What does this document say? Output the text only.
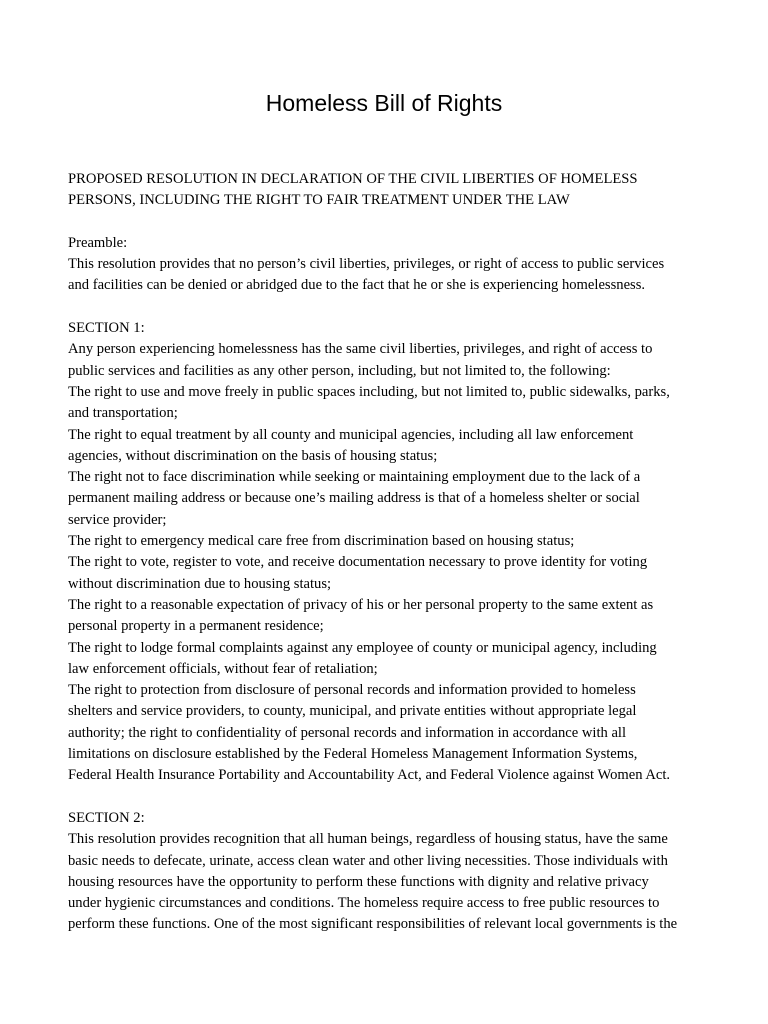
Homeless Bill of Rights
PROPOSED RESOLUTION IN DECLARATION OF THE CIVIL LIBERTIES OF HOMELESS
PERSONS, INCLUDING THE RIGHT TO FAIR TREATMENT UNDER THE LAW
Preamble:
This resolution provides that no person’s civil liberties, privileges, or right of access to public services
and facilities can be denied or abridged due to the fact that he or she is experiencing homelessness.
SECTION 1:
Any person experiencing homelessness has the same civil liberties, privileges, and right of access to
public services and facilities as any other person, including, but not limited to, the following:
The right to use and move freely in public spaces including, but not limited to, public sidewalks, parks,
and transportation;
The right to equal treatment by all county and municipal agencies, including all law enforcement
agencies, without discrimination on the basis of housing status;
The right not to face discrimination while seeking or maintaining employment due to the lack of a
permanent mailing address or because one’s mailing address is that of a homeless shelter or social
service provider;
The right to emergency medical care free from discrimination based on housing status;
The right to vote, register to vote, and receive documentation necessary to prove identity for voting
without discrimination due to housing status;
The right to a reasonable expectation of privacy of his or her personal property to the same extent as
personal property in a permanent residence;
The right to lodge formal complaints against any employee of county or municipal agency, including
law enforcement officials, without fear of retaliation;
The right to protection from disclosure of personal records and information provided to homeless
shelters and service providers, to county, municipal, and private entities without appropriate legal
authority; the right to confidentiality of personal records and information in accordance with all
limitations on disclosure established by the Federal Homeless Management Information Systems,
Federal Health Insurance Portability and Accountability Act, and Federal Violence against Women Act.
SECTION 2:
This resolution provides recognition that all human beings, regardless of housing status, have the same
basic needs to defecate, urinate, access clean water and other living necessities. Those individuals with
housing resources have the opportunity to perform these functions with dignity and relative privacy
under hygienic circumstances and conditions. The homeless require access to free public resources to
perform these functions. One of the most significant responsibilities of relevant local governments is the
